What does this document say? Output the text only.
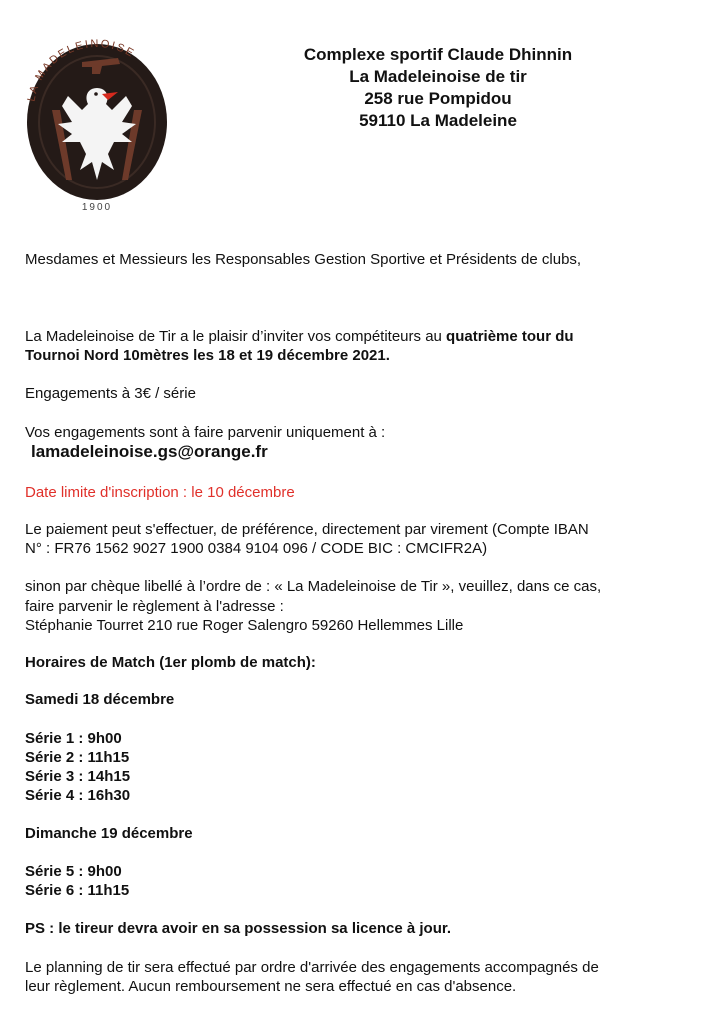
LA MADELEINOISE
1900
Complexe sportif Claude Dhinnin
La Madeleinoise de tir
258 rue Pompidou
59110 La Madeleine
Mesdames et Messieurs les Responsables Gestion Sportive et Présidents de clubs,
La Madeleinoise de Tir a le plaisir d’inviter vos compétiteurs au quatrième tour du
Tournoi Nord 10mètres les 18 et 19 décembre 2021.
Engagements à 3€ / série
Vos engagements sont à faire parvenir uniquement à :
lamadeleinoise.gs@orange.fr
Date limite d'inscription : le 10 décembre
Le paiement peut s'effectuer, de préférence, directement par virement (Compte IBAN
N° : FR76 1562 9027 1900 0384 9104 096 / CODE BIC : CMCIFR2A)
sinon par chèque libellé à l’ordre de : « La Madeleinoise de Tir », veuillez, dans ce cas,
faire parvenir le règlement à l'adresse :
Stéphanie Tourret 210 rue Roger Salengro 59260 Hellemmes Lille
Horaires de Match (1er plomb de match):
Samedi 18 décembre
Série 1 : 9h00
Série 2 : 11h15
Série 3 : 14h15
Série 4 : 16h30
Dimanche 19 décembre
Série 5 : 9h00
Série 6 : 11h15
PS : le tireur devra avoir en sa possession sa licence à jour.
Le planning de tir sera effectué par ordre d'arrivée des engagements accompagnés de
leur règlement. Aucun remboursement ne sera effectué en cas d'absence.
